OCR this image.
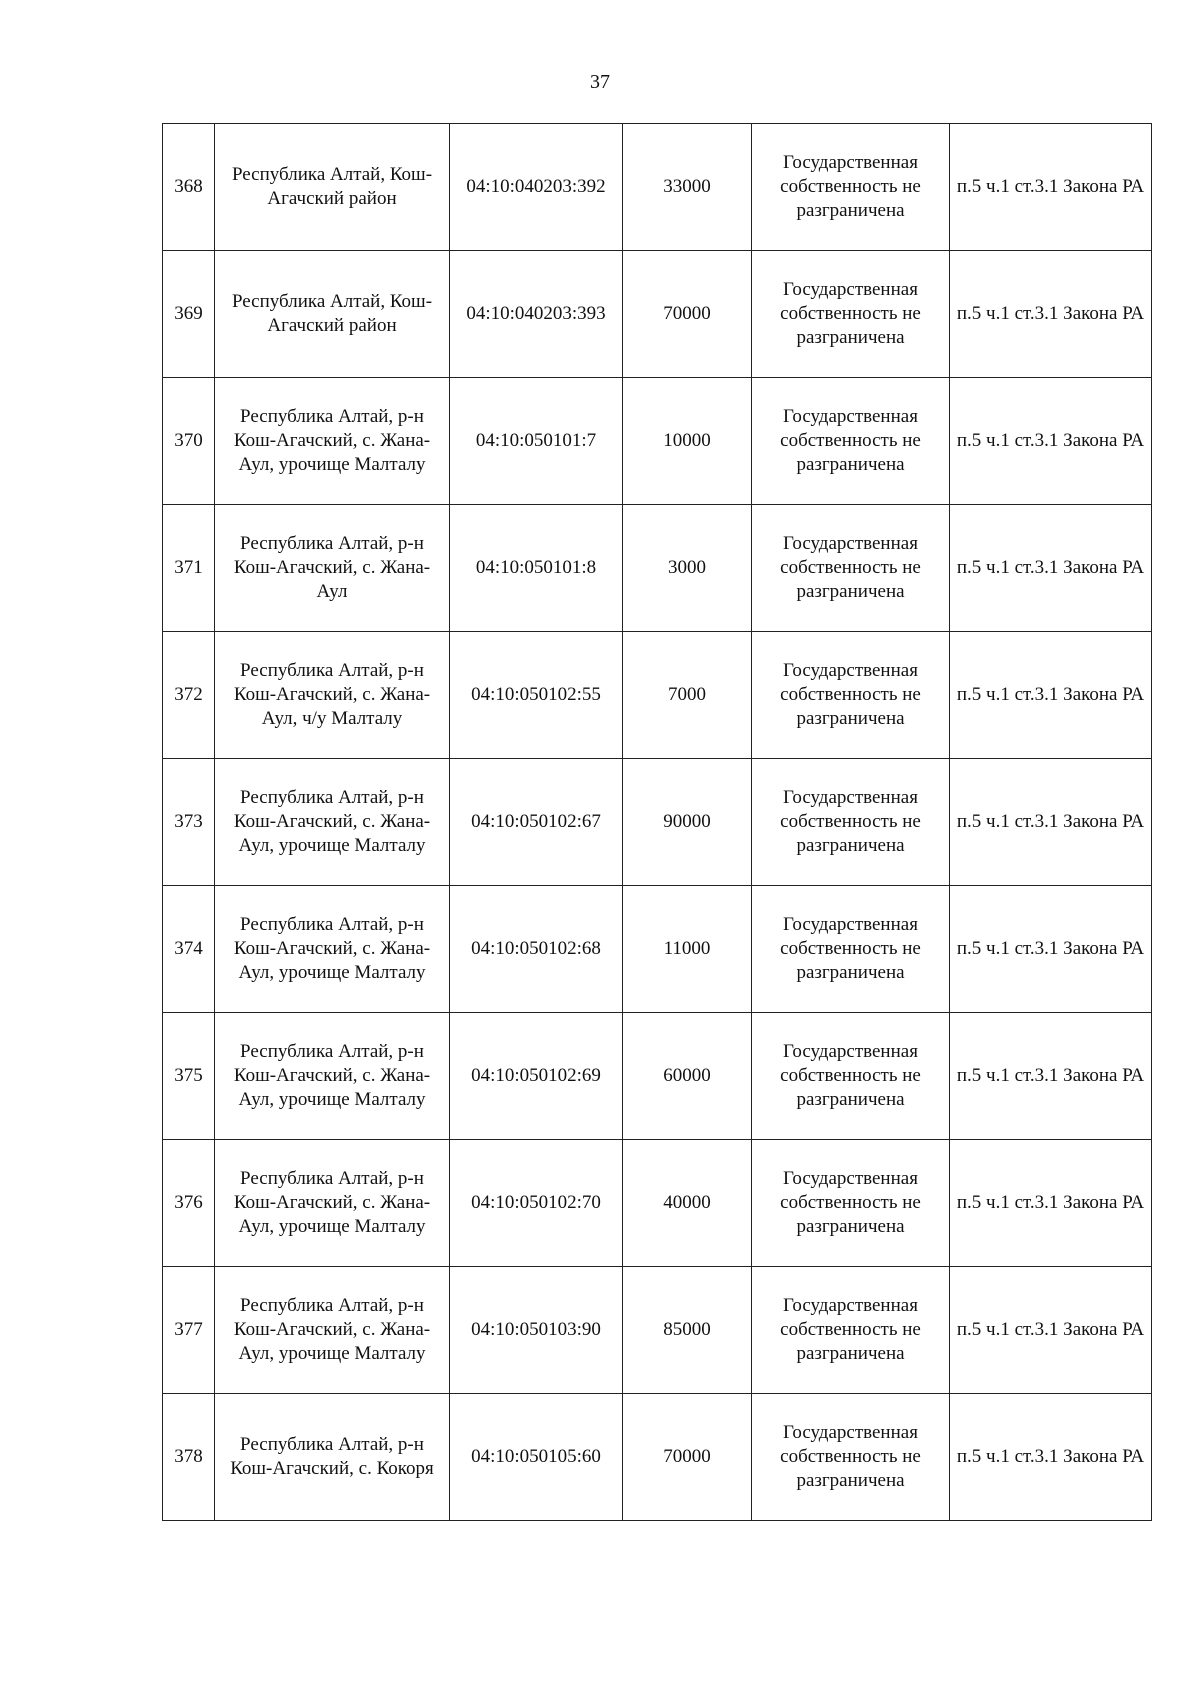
37
368	Республика Алтай, Кош-Агачский район	04:10:040203:392	33000	Государственная собственность не разграничена	п.5 ч.1 ст.3.1 Закона РА
369	Республика Алтай, Кош-Агачский район	04:10:040203:393	70000	Государственная собственность не разграничена	п.5 ч.1 ст.3.1 Закона РА
370	Республика Алтай, р-н Кош-Агачский, с. Жана-Аул, урочище Малталу	04:10:050101:7	10000	Государственная собственность не разграничена	п.5 ч.1 ст.3.1 Закона РА
371	Республика Алтай, р-н Кош-Агачский, с. Жана-Аул	04:10:050101:8	3000	Государственная собственность не разграничена	п.5 ч.1 ст.3.1 Закона РА
372	Республика Алтай, р-н Кош-Агачский, с. Жана-Аул, ч/у Малталу	04:10:050102:55	7000	Государственная собственность не разграничена	п.5 ч.1 ст.3.1 Закона РА
373	Республика Алтай, р-н Кош-Агачский, с. Жана-Аул, урочище Малталу	04:10:050102:67	90000	Государственная собственность не разграничена	п.5 ч.1 ст.3.1 Закона РА
374	Республика Алтай, р-н Кош-Агачский, с. Жана-Аул, урочище Малталу	04:10:050102:68	11000	Государственная собственность не разграничена	п.5 ч.1 ст.3.1 Закона РА
375	Республика Алтай, р-н Кош-Агачский, с. Жана-Аул, урочище Малталу	04:10:050102:69	60000	Государственная собственность не разграничена	п.5 ч.1 ст.3.1 Закона РА
376	Республика Алтай, р-н Кош-Агачский, с. Жана-Аул, урочище Малталу	04:10:050102:70	40000	Государственная собственность не разграничена	п.5 ч.1 ст.3.1 Закона РА
377	Республика Алтай, р-н Кош-Агачский, с. Жана-Аул, урочище Малталу	04:10:050103:90	85000	Государственная собственность не разграничена	п.5 ч.1 ст.3.1 Закона РА
378	Республика Алтай, р-н Кош-Агачский, с. Кокоря	04:10:050105:60	70000	Государственная собственность не разграничена	п.5 ч.1 ст.3.1 Закона РА
